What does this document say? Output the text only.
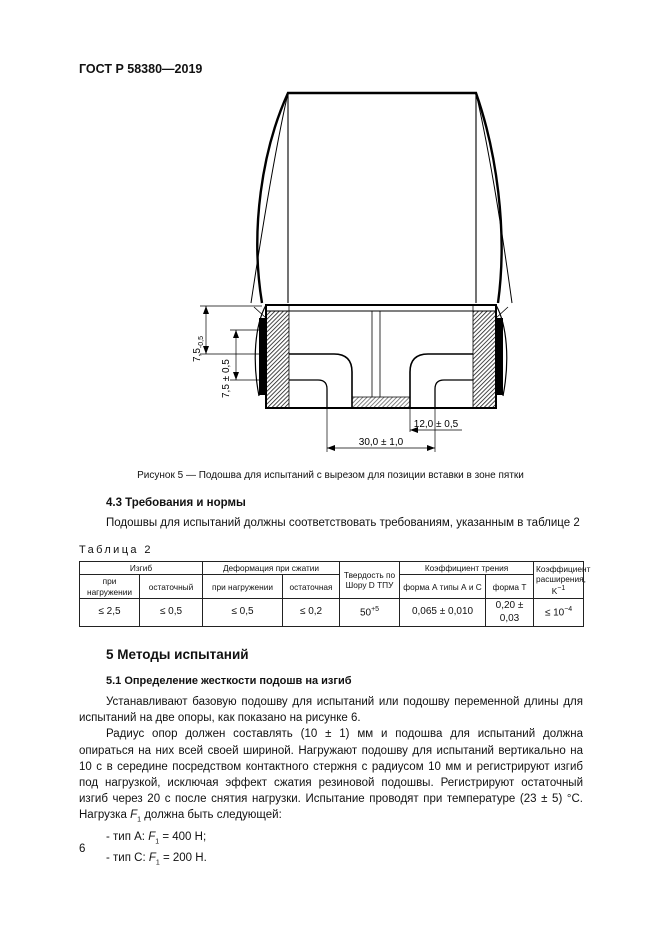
ГОСТ Р 58380—2019
$7,5_{-0,5}$
7,5 ± 0,5
12,0 ± 0,5
30,0 ± 1,0
Рисунок 5 — Подошва для испытаний с вырезом для позиции вставки в зоне пятки
4.3 Требования и нормы
Подошвы для испытаний должны соответствовать требованиям, указанным в таблице 2
Таблица 2
Изгиб		Деформация при сжатии		Твердость по Шору D ТПУ	Коэффициент трения		Коэффициент расширения, $K^{-1}$
при нагружении	остаточный	при нагружении	остаточная		форма А типы А и С	форма Т	
≤ 2,5	≤ 0,5	≤ 0,5	≤ 0,2	$50^{+5}$	0,065 ± 0,010	0,20 ± 0,03	≤ $10^{-4}$
5 Методы испытаний
5.1 Определение жесткости подошв на изгиб

Устанавливают базовую подошву для испытаний или подошву переменной длины для испытаний на две опоры, как показано на рисунке 6.

Радиус опор должен составлять (10 ± 1) мм и подошва для испытаний должна опираться на них всей своей шириной. Нагружают подошву для испытаний вертикально на 10 с в середине посредством контактного стержня с радиусом 10 мм и регистрируют изгиб под нагрузкой, исключая эффект сжатия резиновой подошвы. Регистрируют остаточный изгиб через 20 с после снятия нагрузки. Испытание проводят при температуре (23 ± 5) °С. Нагрузка $F_1$ должна быть следующей:

- тип А: $F_1 = 400$ Н;

- тип С: $F_1 = 200$ Н.

6
